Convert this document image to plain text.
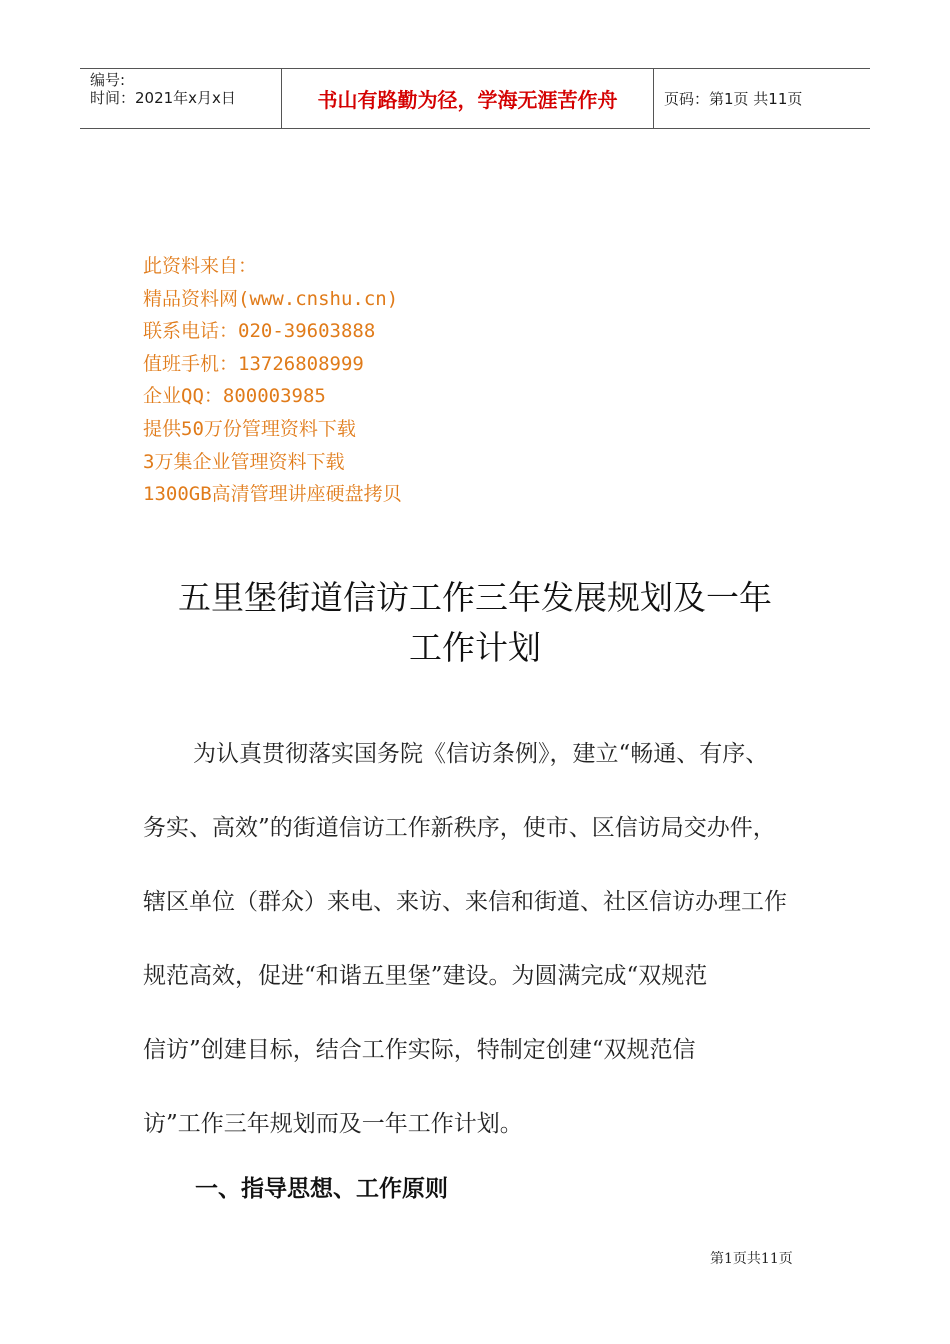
编号:
时间：2021年x月x日	书山有路勤为径，学海无涯苦作舟	页码：第1页 共11页
此资料来自：
精品资料网(www.cnshu.cn)
联系电话：020-39603888
值班手机：13726808999
企业QQ：800003985
提供50万份管理资料下载
3万集企业管理资料下载
1300GB高清管理讲座硬盘拷贝
五里堡街道信访工作三年发展规划及一年
工作计划
为认真贯彻落实国务院《信访条例》，建立“畅通、有序、
务实、高效”的街道信访工作新秩序，使市、区信访局交办件，
辖区单位（群众）来电、来访、来信和街道、社区信访办理工作
规范高效，促进“和谐五里堡”建设。为圆满完成“双规范
信访”创建目标，结合工作实际，特制定创建“双规范信
访”工作三年规划而及一年工作计划。
一、指导思想、工作原则
第1页共11页
